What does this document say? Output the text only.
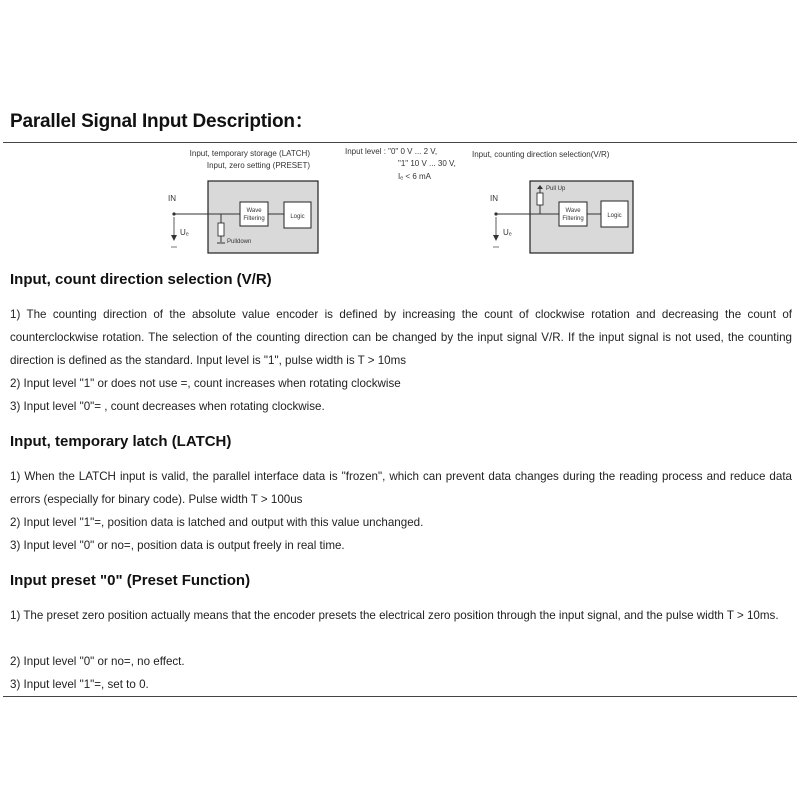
Parallel Signal Input Description：
Input, temporary storage (LATCH)
Input, zero setting (PRESET)
IN
Uₑ
Wave
Filtering	Logic
Pulldown
Input level : "0" 0 V ... 2 V,
"1" 10 V ... 30 V,
Iₑ < 6 mA
Input, counting direction selection(V/R)
IN
Uₑ
Pull Up
Wave
Filtering	Logic
Input, count direction selection (V/R)

1) The counting direction of the absolute value encoder is defined by increasing the count of clockwise rotation and decreasing the count of counterclockwise rotation. The selection of the counting direction can be changed by the input signal V/R. If the input signal is not used, the counting direction is defined as the standard. Input level is "1", pulse width is T > 10ms

2) Input level "1" or does not use =, count increases when rotating clockwise

3) Input level "0"= , count decreases when rotating clockwise.

Input, temporary latch (LATCH)

1) When the LATCH input is valid, the parallel interface data is "frozen", which can prevent data changes during the reading process and reduce data errors (especially for binary code). Pulse width T > 100us

2) Input level "1"=, position data is latched and output with this value unchanged.

3) Input level "0" or no=, position data is output freely in real time.

Input preset "0" (Preset Function)

1) The preset zero position actually means that the encoder presets the electrical zero position through the input signal, and the pulse width T > 10ms.

2) Input level "0" or no=, no effect.

3) Input level "1"=, set to 0.
